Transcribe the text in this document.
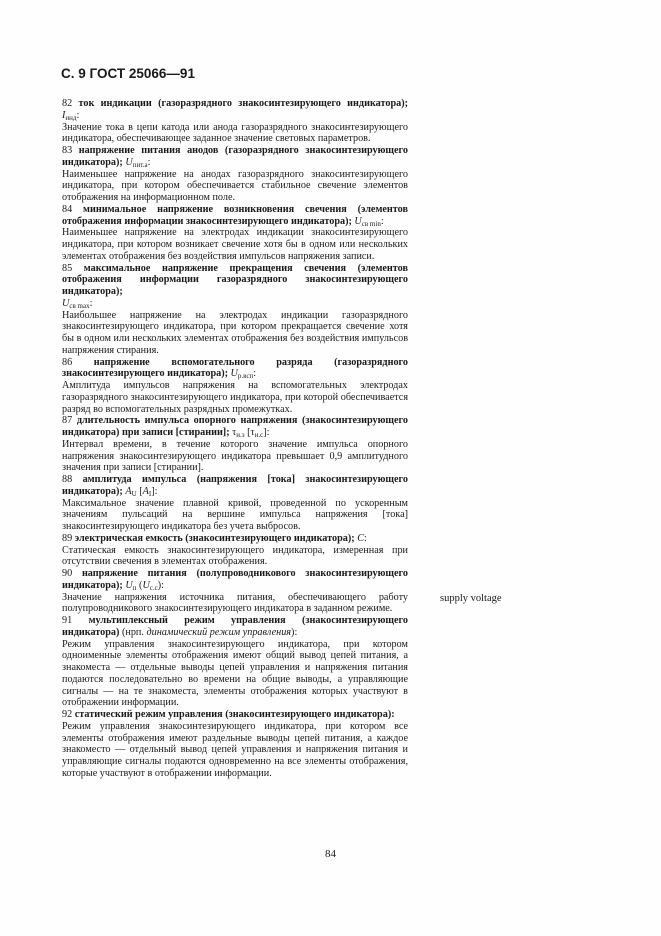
С. 9 ГОСТ 25066—91
82 ток индикации (газоразрядного знакосинтезирующего индикатора); $I_{инд}$:
Значение тока в цепи катода или анода газоразрядного знакосинтезирующего индикатора, обеспечивающее заданное значение световых параметров.
83 напряжение питания анодов (газоразрядного знакосинтезирующего индикатора); $U_{пит.а}$:
Наименьшее напряжение на анодах газоразрядного знакосинтезирующего индикатора, при котором обеспечивается стабильное свечение элементов отображения на информационном поле.
84 минимальное напряжение возникновения свечения (элементов отображения информации знакосинтезирующего индикатора); $U_{св min}$:
Наименьшее напряжение на электродах индикации знакосинтезирующего индикатора, при котором возникает свечение хотя бы в одном или нескольких элементах отображения без воздействия импульсов напряжения записи.
85 максимальное напряжение прекращения свечения (элементов отображения информации газоразрядного знакосинтезирующего индикатора);
$U_{св max}$:
Наибольшее напряжение на электродах индикации газоразрядного знакосинтезирующего индикатора, при котором прекращается свечение хотя бы в одном или нескольких элементах отображения без воздействия импульсов напряжения стирания.
86 напряжение вспомогательного разряда (газоразрядного знакосинтезирующего индикатора); $U_{р.всп}$:
Амплитуда импульсов напряжения на вспомогательных электродах газоразрядного знакосинтезирующего индикатора, при которой обеспечивается разряд во вспомогательных разрядных промежутках.
87 длительность импульса опорного напряжения (знакосинтезирующего индикатора) при записи [стирании]; $\tau_{и.з}$ $[\tau_{и.с}]$:
Интервал времени, в течение которого значение импульса опорного напряжения знакосинтезирующего индикатора превышает 0,9 амплитудного значения при записи [стирании].
88 амплитуда импульса (напряжения [тока] знакосинтезирующего индикатора); $A_U$ $[A_I]$:
Максимальное значение плавной кривой, проведенной по ускоренным значениям пульсаций на вершине импульса напряжения [тока] знакосинтезирующего индикатора без учета выбросов.
89 электрическая емкость (знакосинтезирующего индикатора); C:
Статическая емкость знакосинтезирующего индикатора, измеренная при отсутствии свечения в элементах отображения.
90 напряжение питания (полупроводникового знакосинтезирующего индикатора); $U_п$ $(U_{с.с})$:
Значение напряжения источника питания, обеспечивающего работу полупроводникового знакосинтезирующего индикатора в заданном режиме.
91 мультиплексный режим управления (знакосинтезирующего индикатора) (нрп. динамический режим управления):
Режим управления знакосинтезирующего индикатора, при котором одноименные элементы отображения имеют общий вывод цепей питания, а знакоместа — отдельные выводы цепей управления и напряжения питания подаются последовательно во времени на общие выводы, а управляющие сигналы — на те знакоместа, элементы отображения которых участвуют в отображении информации.
92 статический режим управления (знакосинтезирующего индикатора):
Режим управления знакосинтезирующего индикатора, при котором все элементы отображения имеют раздельные выводы цепей питания, а каждое знакоместо — отдельный вывод цепей управления и напряжения питания и управляющие сигналы подаются одновременно на все элементы отображения, которые участвуют в отображении информации.
supply voltage
84
